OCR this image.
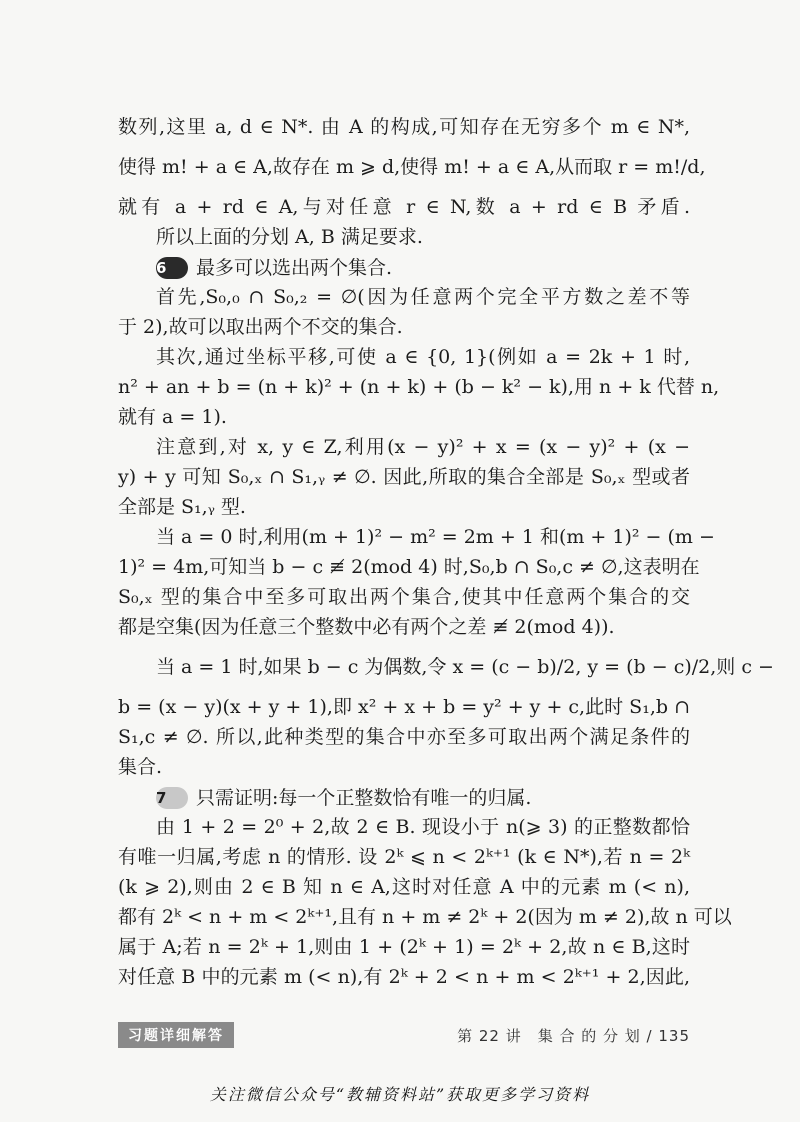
数列,这里 a, d ∈ N*. 由 A 的构成,可知存在无穷多个 m ∈ N*,
使得 m! + a ∈ A,故存在 m ⩾ d,使得 m! + a ∈ A,从而取 r = m!/d,
就有 a + rd ∈ A,与对任意 r ∈ N,数 a + rd ∈ B 矛盾.
所以上面的分划 A, B 满足要求.
6	最多可以选出两个集合.
首先,S₀,₀ ∩ S₀,₂ = ∅(因为任意两个完全平方数之差不等
于 2),故可以取出两个不交的集合.
其次,通过坐标平移,可使 a ∈ {0, 1}(例如 a = 2k + 1 时,
n² + an + b = (n + k)² + (n + k) + (b − k² − k),用 n + k 代替 n,
就有 a = 1).
注意到,对 x, y ∈ Z,利用(x − y)² + x = (x − y)² + (x −
y) + y 可知 S₀,ₓ ∩ S₁,ᵧ ≠ ∅. 因此,所取的集合全部是 S₀,ₓ 型或者
全部是 S₁,ᵧ 型.
当 a = 0 时,利用(m + 1)² − m² = 2m + 1 和(m + 1)² − (m −
1)² = 4m,可知当 b − c ≢ 2(mod 4) 时,S₀,b ∩ S₀,c ≠ ∅,这表明在
S₀,ₓ 型的集合中至多可取出两个集合,使其中任意两个集合的交
都是空集(因为任意三个整数中必有两个之差 ≢ 2(mod 4)).
当 a = 1 时,如果 b − c 为偶数,令 x = (c − b)/2, y = (b − c)/2,则 c −
b = (x − y)(x + y + 1),即 x² + x + b = y² + y + c,此时 S₁,b ∩
S₁,c ≠ ∅. 所以,此种类型的集合中亦至多可取出两个满足条件的
集合.
7	只需证明:每一个正整数恰有唯一的归属.
由 1 + 2 = 2⁰ + 2,故 2 ∈ B. 现设小于 n(⩾ 3) 的正整数都恰
有唯一归属,考虑 n 的情形. 设 2ᵏ ⩽ n < 2ᵏ⁺¹ (k ∈ N*),若 n = 2ᵏ
(k ⩾ 2),则由 2 ∈ B 知 n ∈ A,这时对任意 A 中的元素 m (< n),
都有 2ᵏ < n + m < 2ᵏ⁺¹,且有 n + m ≠ 2ᵏ + 2(因为 m ≠ 2),故 n 可以
属于 A;若 n = 2ᵏ + 1,则由 1 + (2ᵏ + 1) = 2ᵏ + 2,故 n ∈ B,这时
对任意 B 中的元素 m (< n),有 2ᵏ + 2 < n + m < 2ᵏ⁺¹ + 2,因此,
习题详细解答	第 22 讲　集 合 的 分 划 / 135
关注微信公众号“教辅资料站”获取更多学习资料
